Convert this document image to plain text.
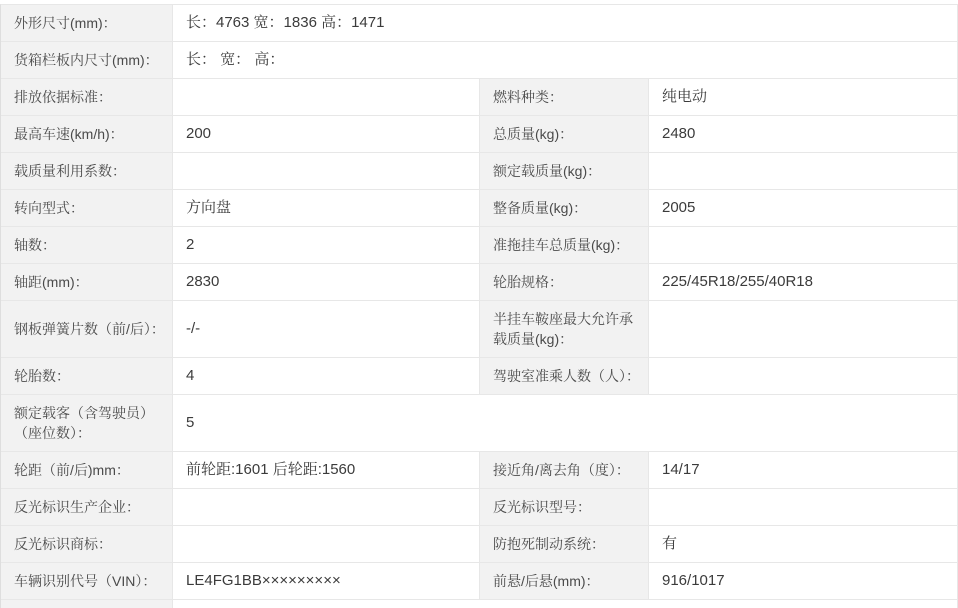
外形尺寸(mm)：	长：4763 宽：1836 高：1471		
货箱栏板内尺寸(mm)：	长： 宽： 高：		
排放依据标准：		燃料种类：	纯电动
最高车速(km/h)：	200	总质量(kg)：	2480
载质量利用系数：		额定载质量(kg)：	
转向型式：	方向盘	整备质量(kg)：	2005
轴数：	2	准拖挂车总质量(kg)：	
轴距(mm)：	2830	轮胎规格：	225/45R18/255/40R18
钢板弹簧片数（前/后）：	-/-	半挂车鞍座最大允许承载质量(kg)：	
轮胎数：	4	驾驶室准乘人数（人）：	
额定载客（含驾驶员）（座位数）：	5		
轮距（前/后)mm：	前轮距:1601 后轮距:1560	接近角/离去角（度）：	14/17
反光标识生产企业：		反光标识型号：	
反光标识商标：		防抱死制动系统：	有
车辆识别代号（VIN）：	LE4FG1BB×××××××××	前悬/后悬(mm)：	916/1017
